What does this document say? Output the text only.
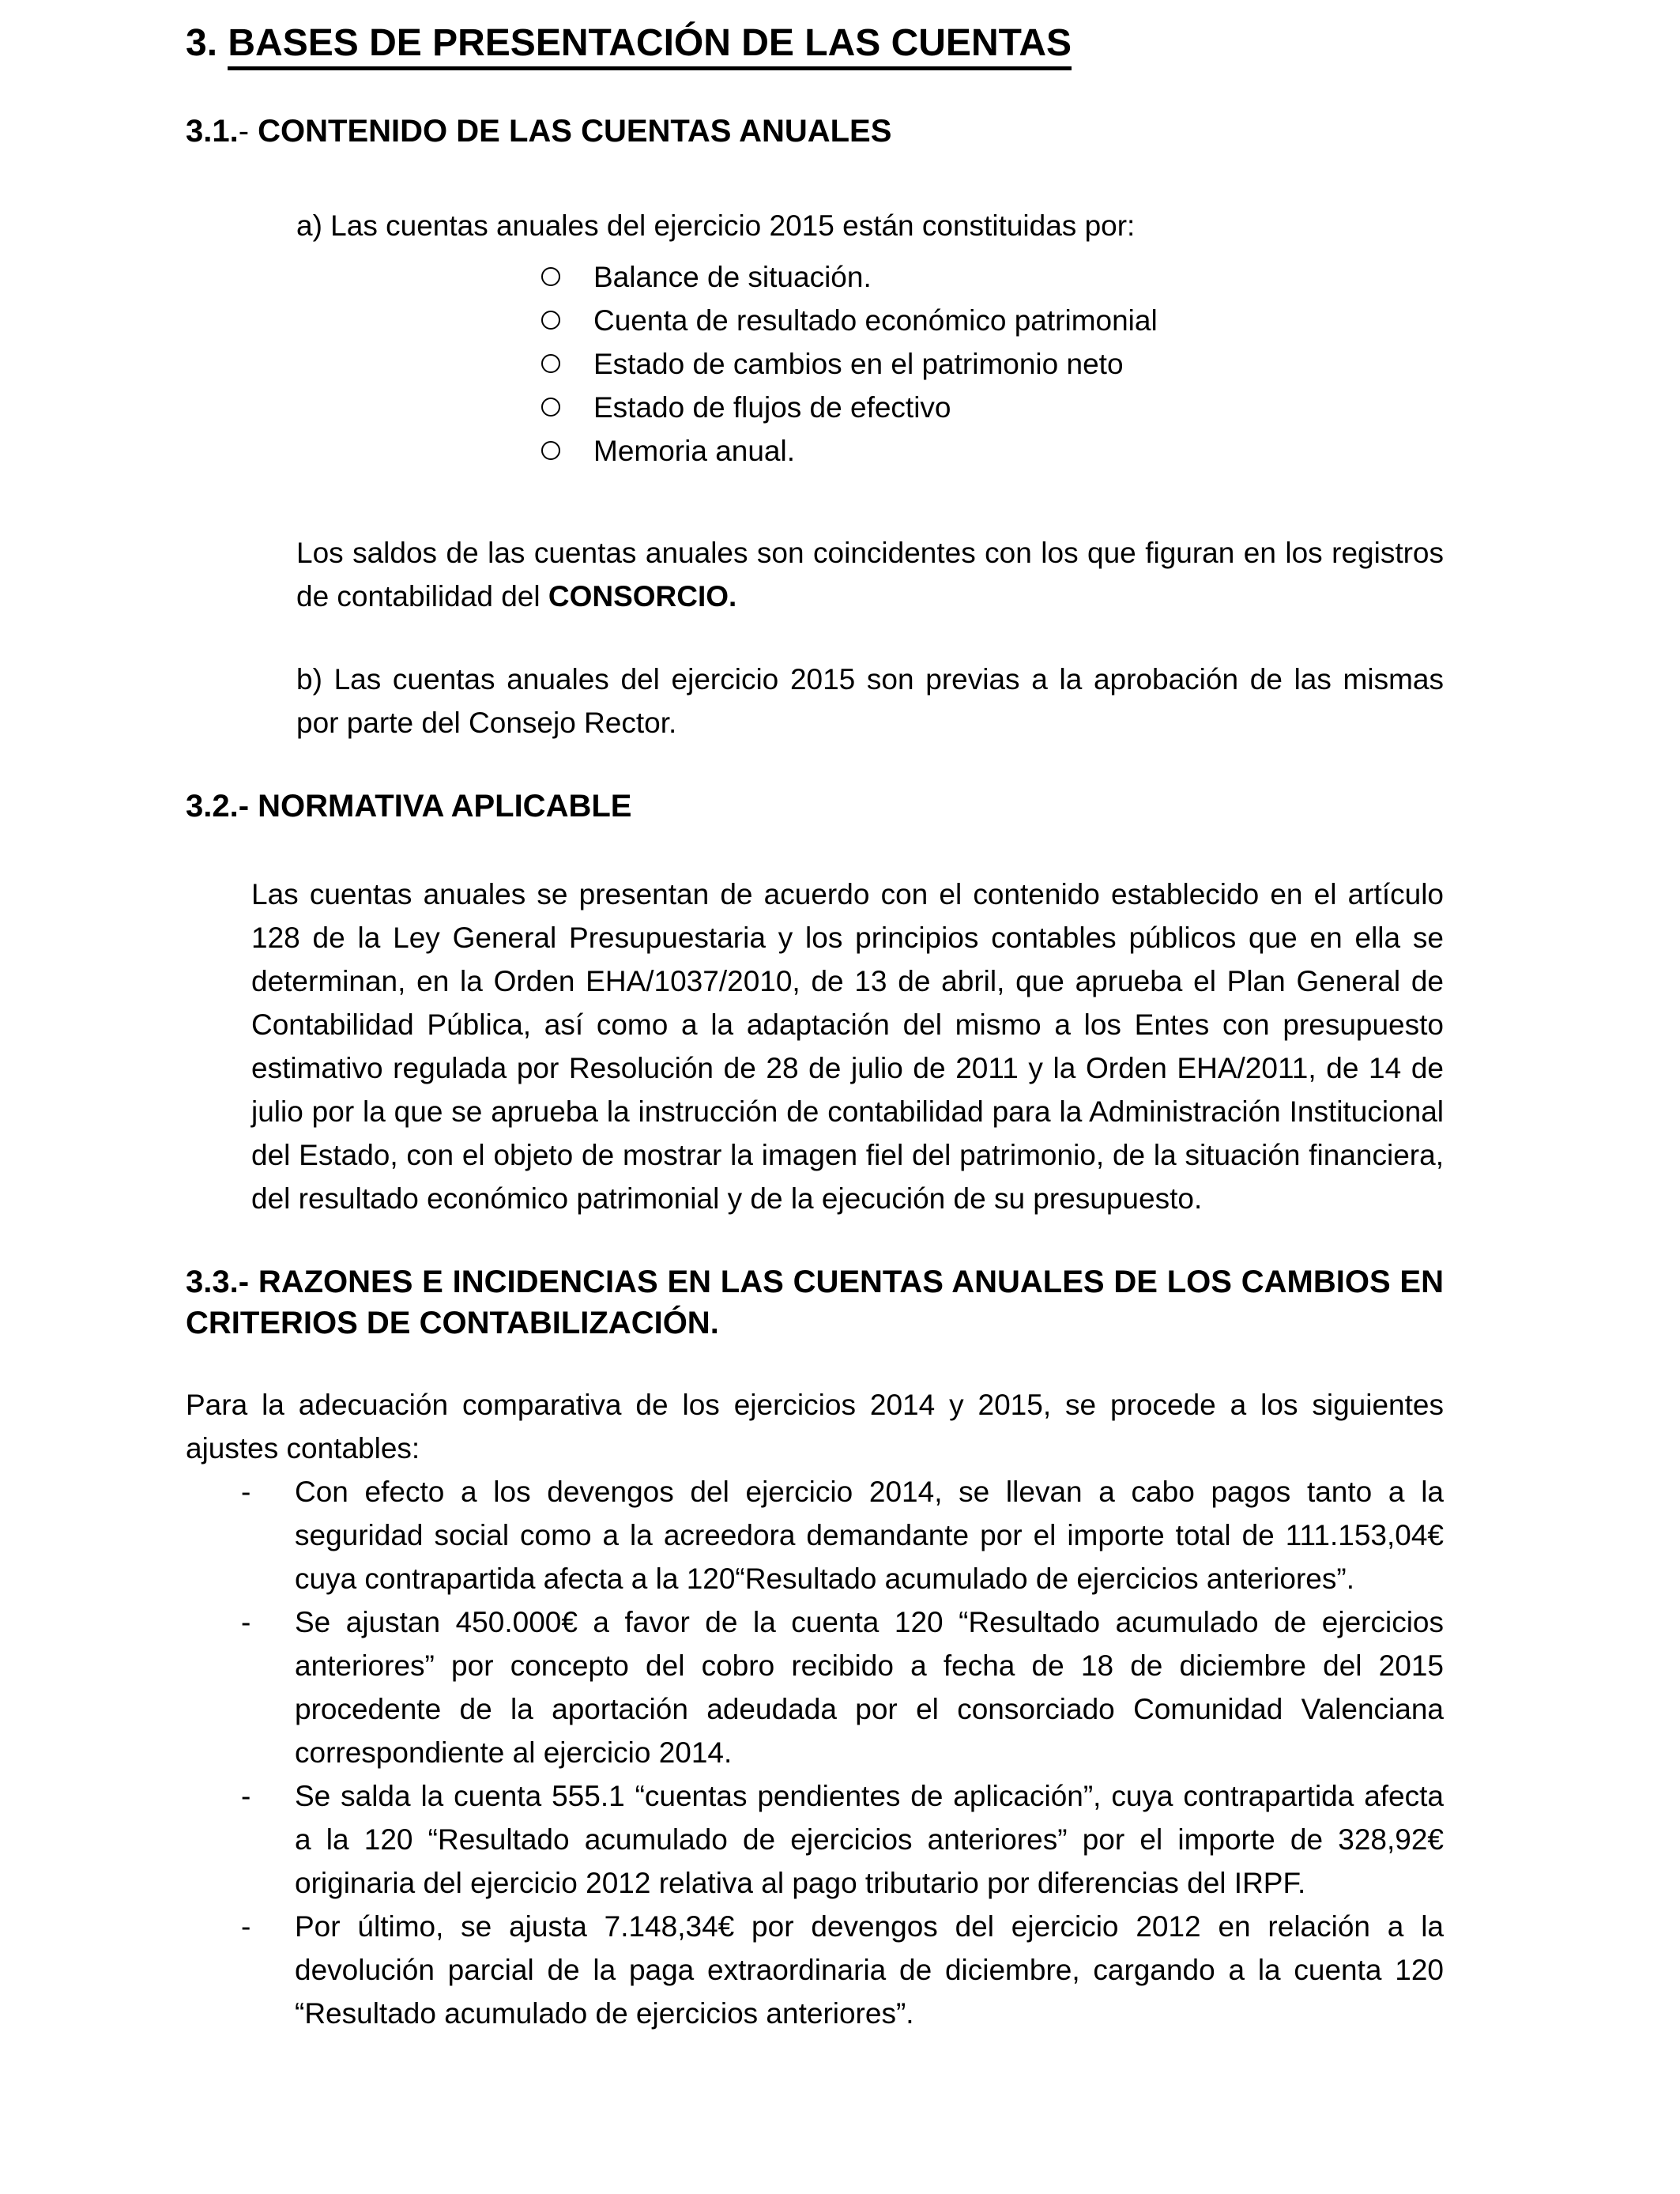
3. BASES DE PRESENTACIÓN DE LAS CUENTAS
3.1.- CONTENIDO DE LAS CUENTAS ANUALES

a) Las cuentas anuales del ejercicio 2015 están constituidas por:

Balance de situación.
Cuenta de resultado económico patrimonial
Estado de cambios en el patrimonio neto
Estado de flujos de efectivo
Memoria anual.

Los saldos de las cuentas anuales son coincidentes con los que figuran en los registros de contabilidad del CONSORCIO.

b) Las cuentas anuales del ejercicio 2015 son previas a la aprobación de las mismas por parte del Consejo Rector.

3.2.- NORMATIVA APLICABLE

Las cuentas anuales se presentan de acuerdo con el contenido establecido en el artículo 128 de la Ley General Presupuestaria y los principios contables públicos que en ella se determinan, en la Orden EHA/1037/2010, de 13 de abril, que aprueba el Plan General de Contabilidad Pública, así como a la adaptación del mismo a los Entes con presupuesto estimativo regulada por Resolución de 28 de julio de 2011 y la Orden EHA/2011, de 14 de julio por la que se aprueba la instrucción de contabilidad para la Administración Institucional del Estado, con el objeto de mostrar la imagen fiel del patrimonio, de la situación financiera, del resultado económico patrimonial y de la ejecución de su presupuesto.

3.3.- RAZONES E INCIDENCIAS EN LAS CUENTAS ANUALES DE LOS CAMBIOS EN CRITERIOS DE CONTABILIZACIÓN.

Para la adecuación comparativa de los ejercicios 2014 y 2015, se procede a los siguientes ajustes contables:

-	Con efecto a los devengos del ejercicio 2014, se llevan a cabo pagos tanto a la seguridad social como a la acreedora demandante por el importe total de 111.153,04€ cuya contrapartida afecta a la 120“Resultado acumulado de ejercicios anteriores”.
-	Se ajustan 450.000€ a favor de la cuenta 120 “Resultado acumulado de ejercicios anteriores” por concepto del cobro recibido a fecha de 18 de diciembre del 2015 procedente de la aportación adeudada por el consorciado Comunidad Valenciana correspondiente al ejercicio 2014.
-	Se salda la cuenta 555.1 “cuentas pendientes de aplicación”, cuya contrapartida afecta a la 120 “Resultado acumulado de ejercicios anteriores” por el importe de 328,92€ originaria del ejercicio 2012 relativa al pago tributario por diferencias del IRPF.
-	Por último, se ajusta 7.148,34€ por devengos del ejercicio 2012 en relación a la devolución parcial de la paga extraordinaria de diciembre, cargando a la cuenta 120 “Resultado acumulado de ejercicios anteriores”.
